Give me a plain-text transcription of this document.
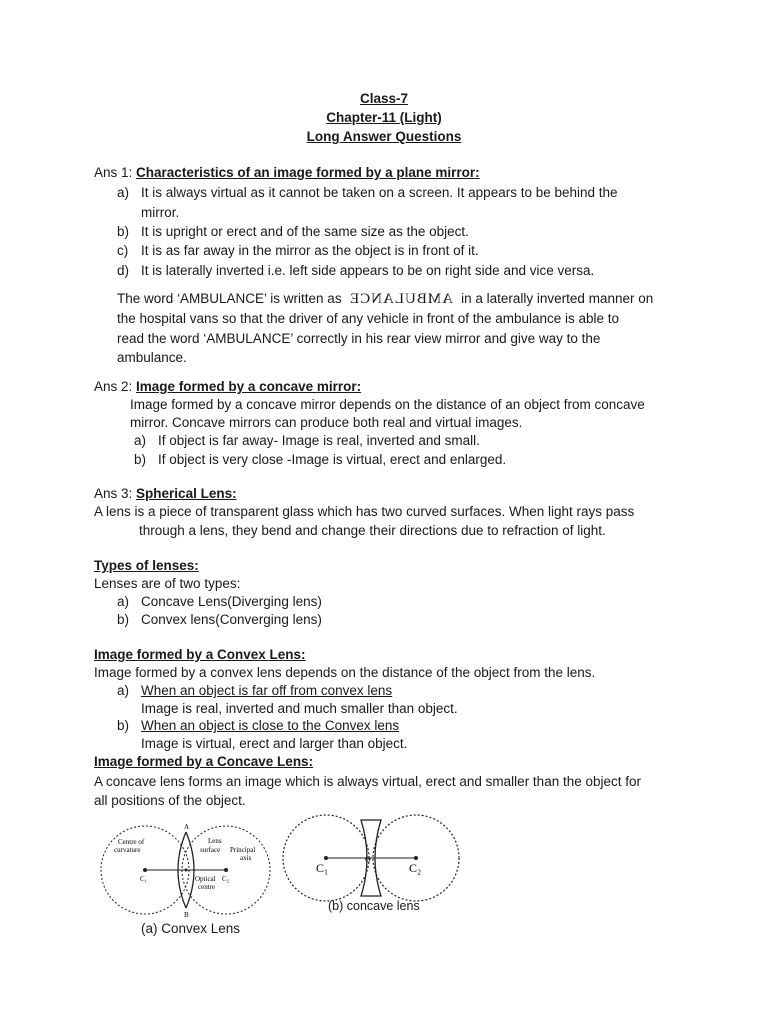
Class-7
Chapter-11 (Light)
Long Answer Questions
Ans 1: Characteristics of an image formed by a plane mirror:
a) It is always virtual as it cannot be taken on a screen. It appears to be behind the
mirror.
b) It is upright or erect and of the same size as the object.
c) It is as far away in the mirror as the object is in front of it.
d) It is laterally inverted i.e. left side appears to be on right side and vice versa.
The word ‘AMBULANCE’ is written as AMBULANCE in a laterally inverted manner on
the hospital vans so that the driver of any vehicle in front of the ambulance is able to
read the word ‘AMBULANCE’ correctly in his rear view mirror and give way to the
ambulance.
Ans 2: Image formed by a concave mirror:
Image formed by a concave mirror depends on the distance of an object from concave
mirror. Concave mirrors can produce both real and virtual images.
a) If object is far away- Image is real, inverted and small.
b) If object is very close -Image is virtual, erect and enlarged.
Ans 3: Spherical Lens:
A lens is a piece of transparent glass which has two curved surfaces. When light rays pass
through a lens, they bend and change their directions due to refraction of light.
Types of lenses:
Lenses are of two types:
a) Concave Lens(Diverging lens)
b) Convex lens(Converging lens)
Image formed by a Convex Lens:
Image formed by a convex lens depends on the distance of the object from the lens.
a) When an object is far off from convex lens
Image is real, inverted and much smaller than object.
b) When an object is close to the Convex lens
Image is virtual, erect and larger than object.
Image formed by a Concave Lens:
A concave lens forms an image which is always virtual, erect and smaller than the object for
all positions of the object.
Centre of
curvature
C₁
A
B
Lens
surface Principal
axis
C₂
Optical
centre
(a) Convex Lens
C₁	C₂
O
(b) concave lens
